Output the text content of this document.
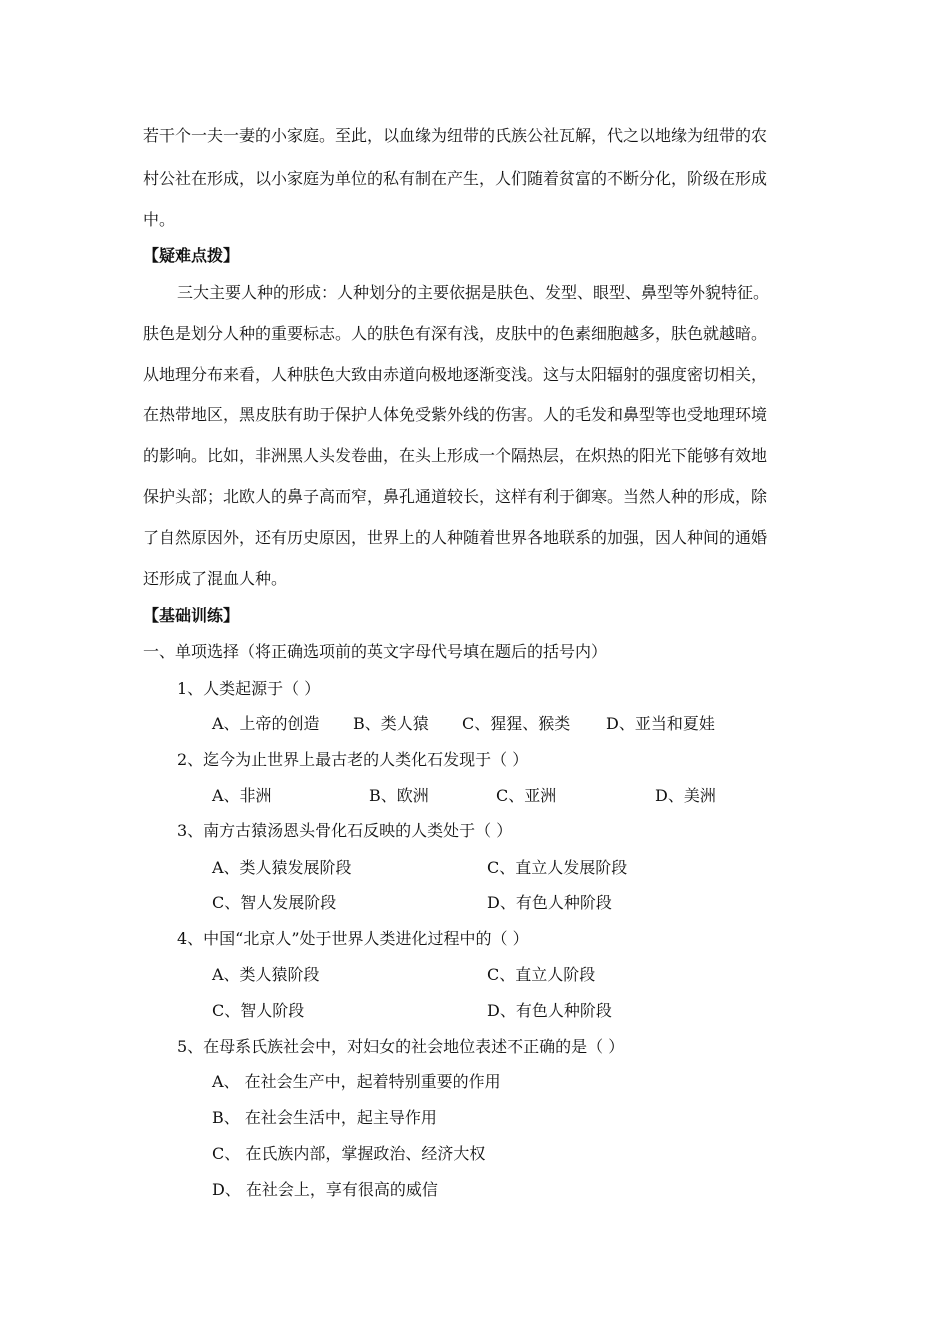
若干个一夫一妻的小家庭。至此，以血缘为纽带的氏族公社瓦解，代之以地缘为纽带的农
村公社在形成，以小家庭为单位的私有制在产生，人们随着贫富的不断分化，阶级在形成
中。
【疑难点拨】
三大主要人种的形成：人种划分的主要依据是肤色、发型、眼型、鼻型等外貌特征。
肤色是划分人种的重要标志。人的肤色有深有浅，皮肤中的色素细胞越多，肤色就越暗。
从地理分布来看，人种肤色大致由赤道向极地逐渐变浅。这与太阳辐射的强度密切相关，
在热带地区，黑皮肤有助于保护人体免受紫外线的伤害。人的毛发和鼻型等也受地理环境
的影响。比如，非洲黑人头发卷曲，在头上形成一个隔热层，在炽热的阳光下能够有效地
保护头部；北欧人的鼻子高而窄，鼻孔通道较长，这样有利于御寒。当然人种的形成，除
了自然原因外，还有历史原因，世界上的人种随着世界各地联系的加强，因人种间的通婚
还形成了混血人种。
【基础训练】
一、单项选择（将正确选项前的英文字母代号填在题后的括号内）
1、人类起源于（ ）
A、上帝的创造 B、类人猿 C、猩猩、猴类 D、亚当和夏娃
2、迄今为止世界上最古老的人类化石发现于（ ）
A、非洲	B、欧洲	C、亚洲	D、美洲
3、南方古猿汤恩头骨化石反映的人类处于（ ）
A、类人猿发展阶段	C、直立人发展阶段
C、智人发展阶段	D、有色人种阶段
4、中国“北京人”处于世界人类进化过程中的（ ）
A、类人猿阶段	C、直立人阶段
C、智人阶段	D、有色人种阶段
5、在母系氏族社会中，对妇女的社会地位表述不正确的是（ ）
A、 在社会生产中，起着特别重要的作用
B、 在社会生活中，起主导作用
C、 在氏族内部，掌握政治、经济大权
D、 在社会上，享有很高的威信
